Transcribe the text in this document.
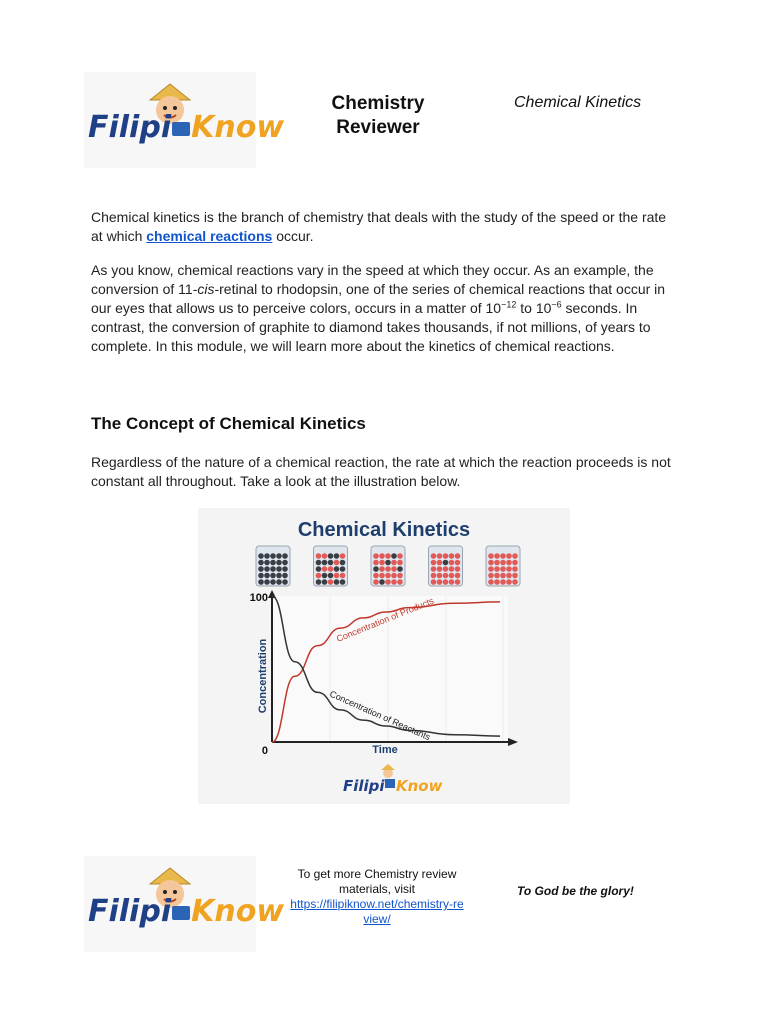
Filipi Know
Chemistry
Reviewer
Chemical Kinetics
Chemical kinetics is the branch of chemistry that deals with the study of the speed or the rate at which chemical reactions occur.
As you know, chemical reactions vary in the speed at which they occur. As an example, the conversion of 11-cis-retinal to rhodopsin, one of the series of chemical reactions that occur in our eyes that allows us to perceive colors, occurs in a matter of $10^{-12}$ to $10^{-6}$ seconds. In contrast, the conversion of graphite to diamond takes thousands, if not millions, of years to complete. In this module, we will learn more about the kinetics of chemical reactions.
The Concept of Chemical Kinetics
Regardless of the nature of a chemical reaction, the rate at which the reaction proceeds is not constant all throughout. Take a look at the illustration below.
Chemical Kinetics
Concentration
Time
100
0
Concentration of Products
Concentration of Reactants
Filipi Know
Filipi Know
To get more Chemistry review
materials, visit
https://filipiknow.net/chemistry-re
view/
To God be the glory!
